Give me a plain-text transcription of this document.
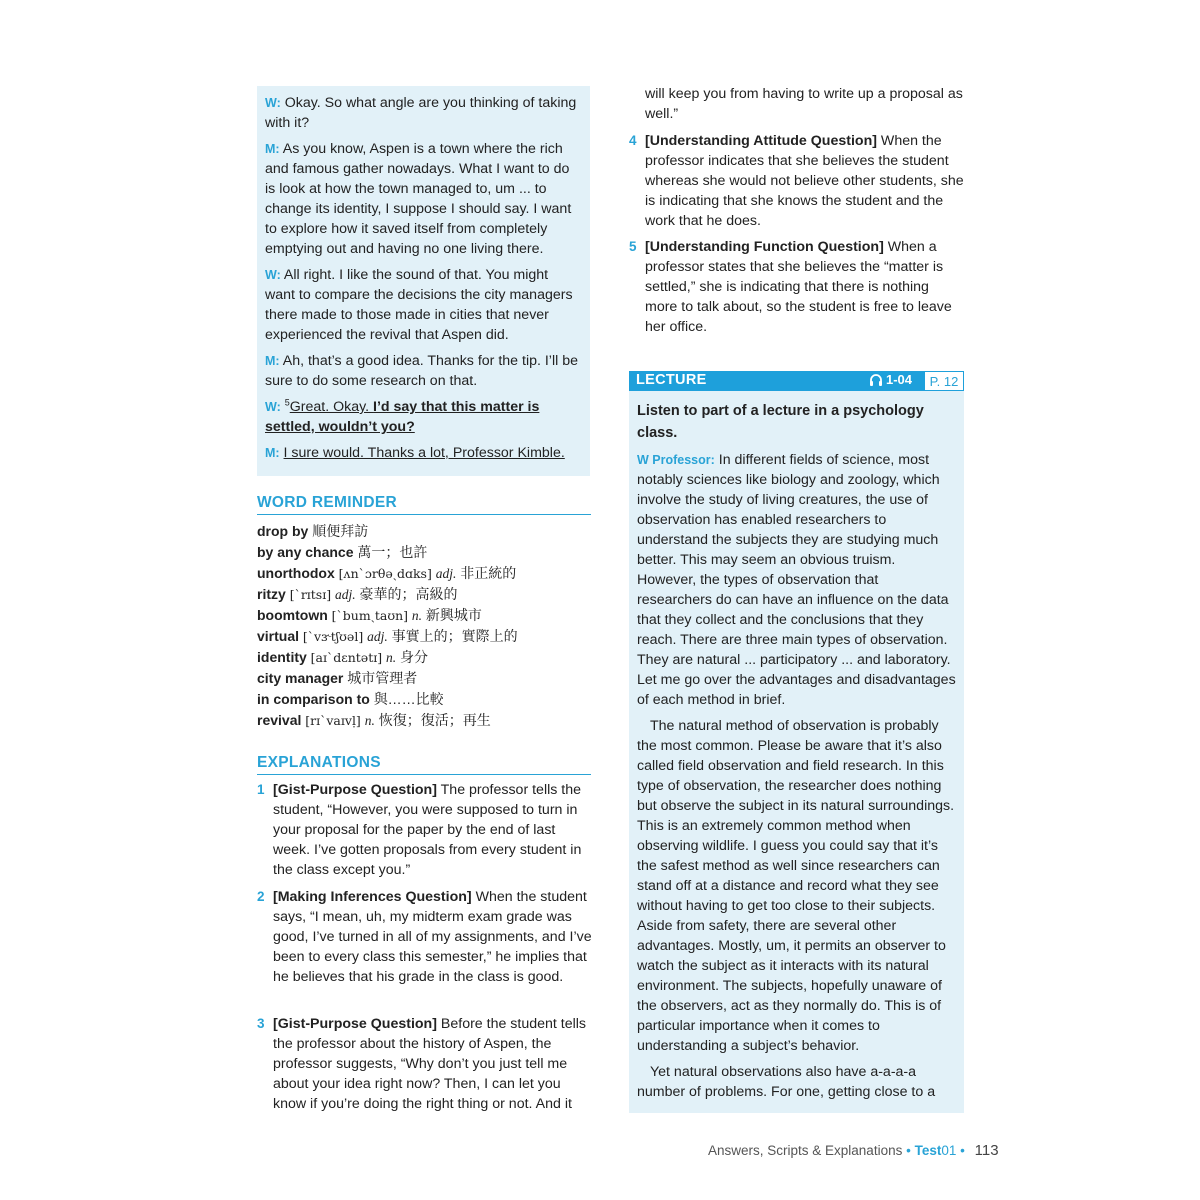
W: Okay. So what angle are you thinking of taking with it?
M: As you know, Aspen is a town where the rich and famous gather nowadays. What I want to do is look at how the town managed to, um ... to change its identity, I suppose I should say. I want to explore how it saved itself from completely emptying out and having no one living there.
W: All right. I like the sound of that. You might want to compare the decisions the city managers there made to those made in cities that never experienced the revival that Aspen did.
M: Ah, that’s a good idea. Thanks for the tip. I’ll be sure to do some research on that.
W: $^5$Great. Okay. I’d say that this matter is settled, wouldn’t you?
M: I sure would. Thanks a lot, Professor Kimble.
WORD REMINDER
drop by 順便拜訪
by any chance 萬一；也許
unorthodox [ʌnˋɔrθəˏdɑks] adj. 非正統的
ritzy [ˋrɪtsɪ] adj. 豪華的；高級的
boomtown [ˋbumˏtaʊn] n. 新興城市
virtual [ˋvɝtʃʊəl] adj. 事實上的；實際上的
identity [aɪˋdɛntətɪ] n. 身分
city manager 城市管理者
in comparison to 與……比較
revival [rɪˋvaɪvḷ] n. 恢復；復活；再生
EXPLANATIONS
1 [Gist-Purpose Question] The professor tells the student, “However, you were supposed to turn in your proposal for the paper by the end of last week. I’ve gotten proposals from every student in the class except you.”
2 [Making Inferences Question] When the student says, “I mean, uh, my midterm exam grade was good, I’ve turned in all of my assignments, and I’ve been to every class this semester,” he implies that he believes that his grade in the class is good.
3 [Gist-Purpose Question] Before the student tells the professor about the history of Aspen, the professor suggests, “Why don’t you just tell me about your idea right now? Then, I can let you know if you’re doing the right thing or not. And it
will keep you from having to write up a proposal as well.”
4 [Understanding Attitude Question] When the professor indicates that she believes the student whereas she would not believe other students, she is indicating that she knows the student and the work that he does.
5 [Understanding Function Question] When a professor states that she believes the “matter is settled,” she is indicating that there is nothing more to talk about, so the student is free to leave her office.
LECTURE	1-04	P. 12
Listen to part of a lecture in a psychology class.

W Professor: In different fields of science, most notably sciences like biology and zoology, which involve the study of living creatures, the use of observation has enabled researchers to understand the subjects they are studying much better. This may seem an obvious truism. However, the types of observation that researchers do can have an influence on the data that they collect and the conclusions that they reach. There are three main types of observation. They are natural ... participatory ... and laboratory. Let me go over the advantages and disadvantages of each method in brief.

The natural method of observation is probably the most common. Please be aware that it’s also called field observation and field research. In this type of observation, the researcher does nothing but observe the subject in its natural surroundings. This is an extremely common method when observing wildlife. I guess you could say that it’s the safest method as well since researchers can stand off at a distance and record what they see without having to get too close to their subjects. Aside from safety, there are several other advantages. Mostly, um, it permits an observer to watch the subject as it interacts with its natural environment. The subjects, hopefully unaware of the observers, act as they normally do. This is of particular importance when it comes to understanding a subject’s behavior.

Yet natural observations also have a-a-a-a number of problems. For one, getting close to a

Answers, Scripts & Explanations • Test01 • 113
